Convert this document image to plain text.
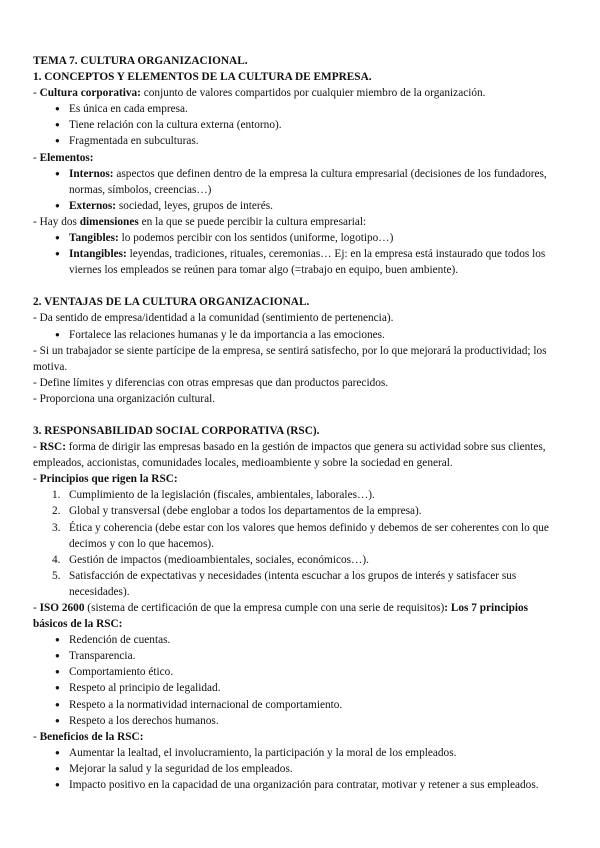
TEMA 7. CULTURA ORGANIZACIONAL.

1. CONCEPTOS Y ELEMENTOS DE LA CULTURA DE EMPRESA.

- Cultura corporativa: conjunto de valores compartidos por cualquier miembro de la organización.

● Es única en cada empresa.
● Tiene relación con la cultura externa (entorno).
● Fragmentada en subculturas.

- Elementos:

● Internos: aspectos que definen dentro de la empresa la cultura empresarial (decisiones de los fundadores, normas, símbolos, creencias…)
● Externos: sociedad, leyes, grupos de interés.

- Hay dos dimensiones en la que se puede percibir la cultura empresarial:

● Tangibles: lo podemos percibir con los sentidos (uniforme, logotipo…)
● Intangibles: leyendas, tradiciones, rituales, ceremonias… Ej: en la empresa está instaurado que todos los viernes los empleados se reúnen para tomar algo (=trabajo en equipo, buen ambiente).

2. VENTAJAS DE LA CULTURA ORGANIZACIONAL.

- Da sentido de empresa/identidad a la comunidad (sentimiento de pertenencia).

● Fortalece las relaciones humanas y le da importancia a las emociones.

- Si un trabajador se siente partícipe de la empresa, se sentirá satisfecho, por lo que mejorará la productividad; los motiva.

- Define límites y diferencias con otras empresas que dan productos parecidos.

- Proporciona una organización cultural.

3. RESPONSABILIDAD SOCIAL CORPORATIVA (RSC).

- RSC: forma de dirigir las empresas basado en la gestión de impactos que genera su actividad sobre sus clientes, empleados, accionistas, comunidades locales, medioambiente y sobre la sociedad en general.

- Principios que rigen la RSC:

1. Cumplimiento de la legislación (fiscales, ambientales, laborales…).
2. Global y transversal (debe englobar a todos los departamentos de la empresa).
3. Ética y coherencia (debe estar con los valores que hemos definido y debemos de ser coherentes con lo que decimos y con lo que hacemos).
4. Gestión de impactos (medioambientales, sociales, económicos…).
5. Satisfacción de expectativas y necesidades (intenta escuchar a los grupos de interés y satisfacer sus necesidades).

- ISO 2600 (sistema de certificación de que la empresa cumple con una serie de requisitos): Los 7 principios básicos de la RSC:

● Redención de cuentas.
● Transparencia.
● Comportamiento ético.
● Respeto al principio de legalidad.
● Respeto a la normatividad internacional de comportamiento.
● Respeto a los derechos humanos.

- Beneficios de la RSC:

● Aumentar la lealtad, el involucramiento, la participación y la moral de los empleados.
● Mejorar la salud y la seguridad de los empleados.
● Impacto positivo en la capacidad de una organización para contratar, motivar y retener a sus empleados.
